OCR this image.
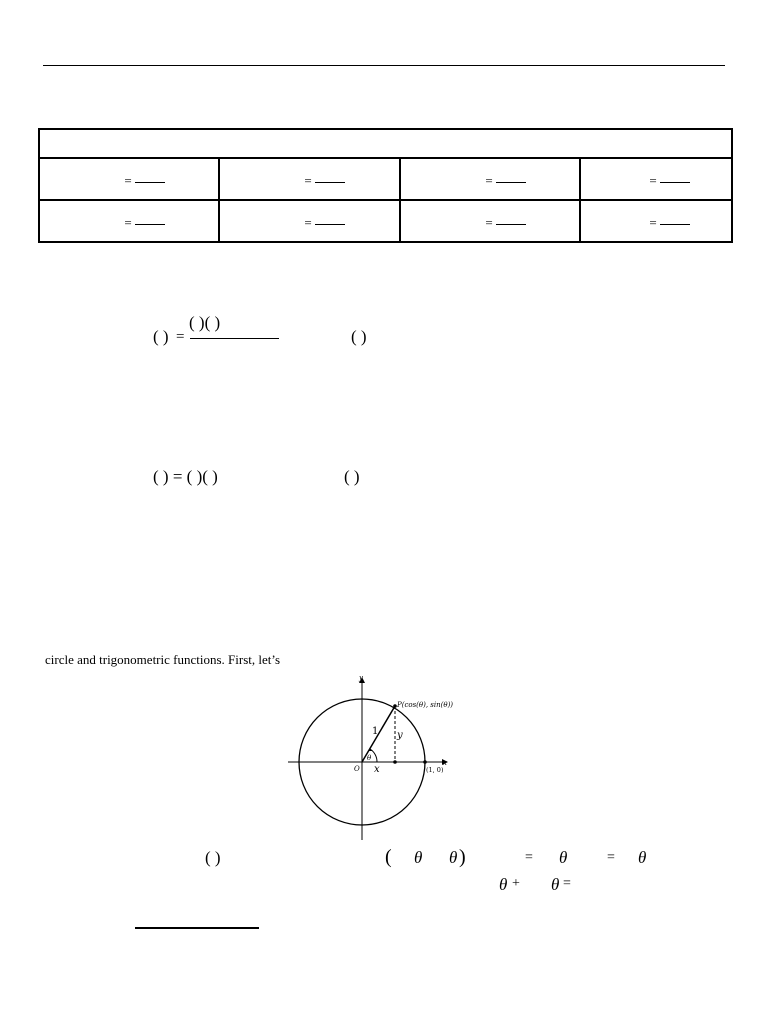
=	=	=	=

=	=	=	=
( ) =
( )( )
( )
( ) = ( )( )	( )
circle and trigonometric functions. First, let’s
y
x
P(cos(θ), sin(θ))
1 y
x
θ
O	(1, 0)
( )	( θ θ )	= θ	= θ
θ + θ =
